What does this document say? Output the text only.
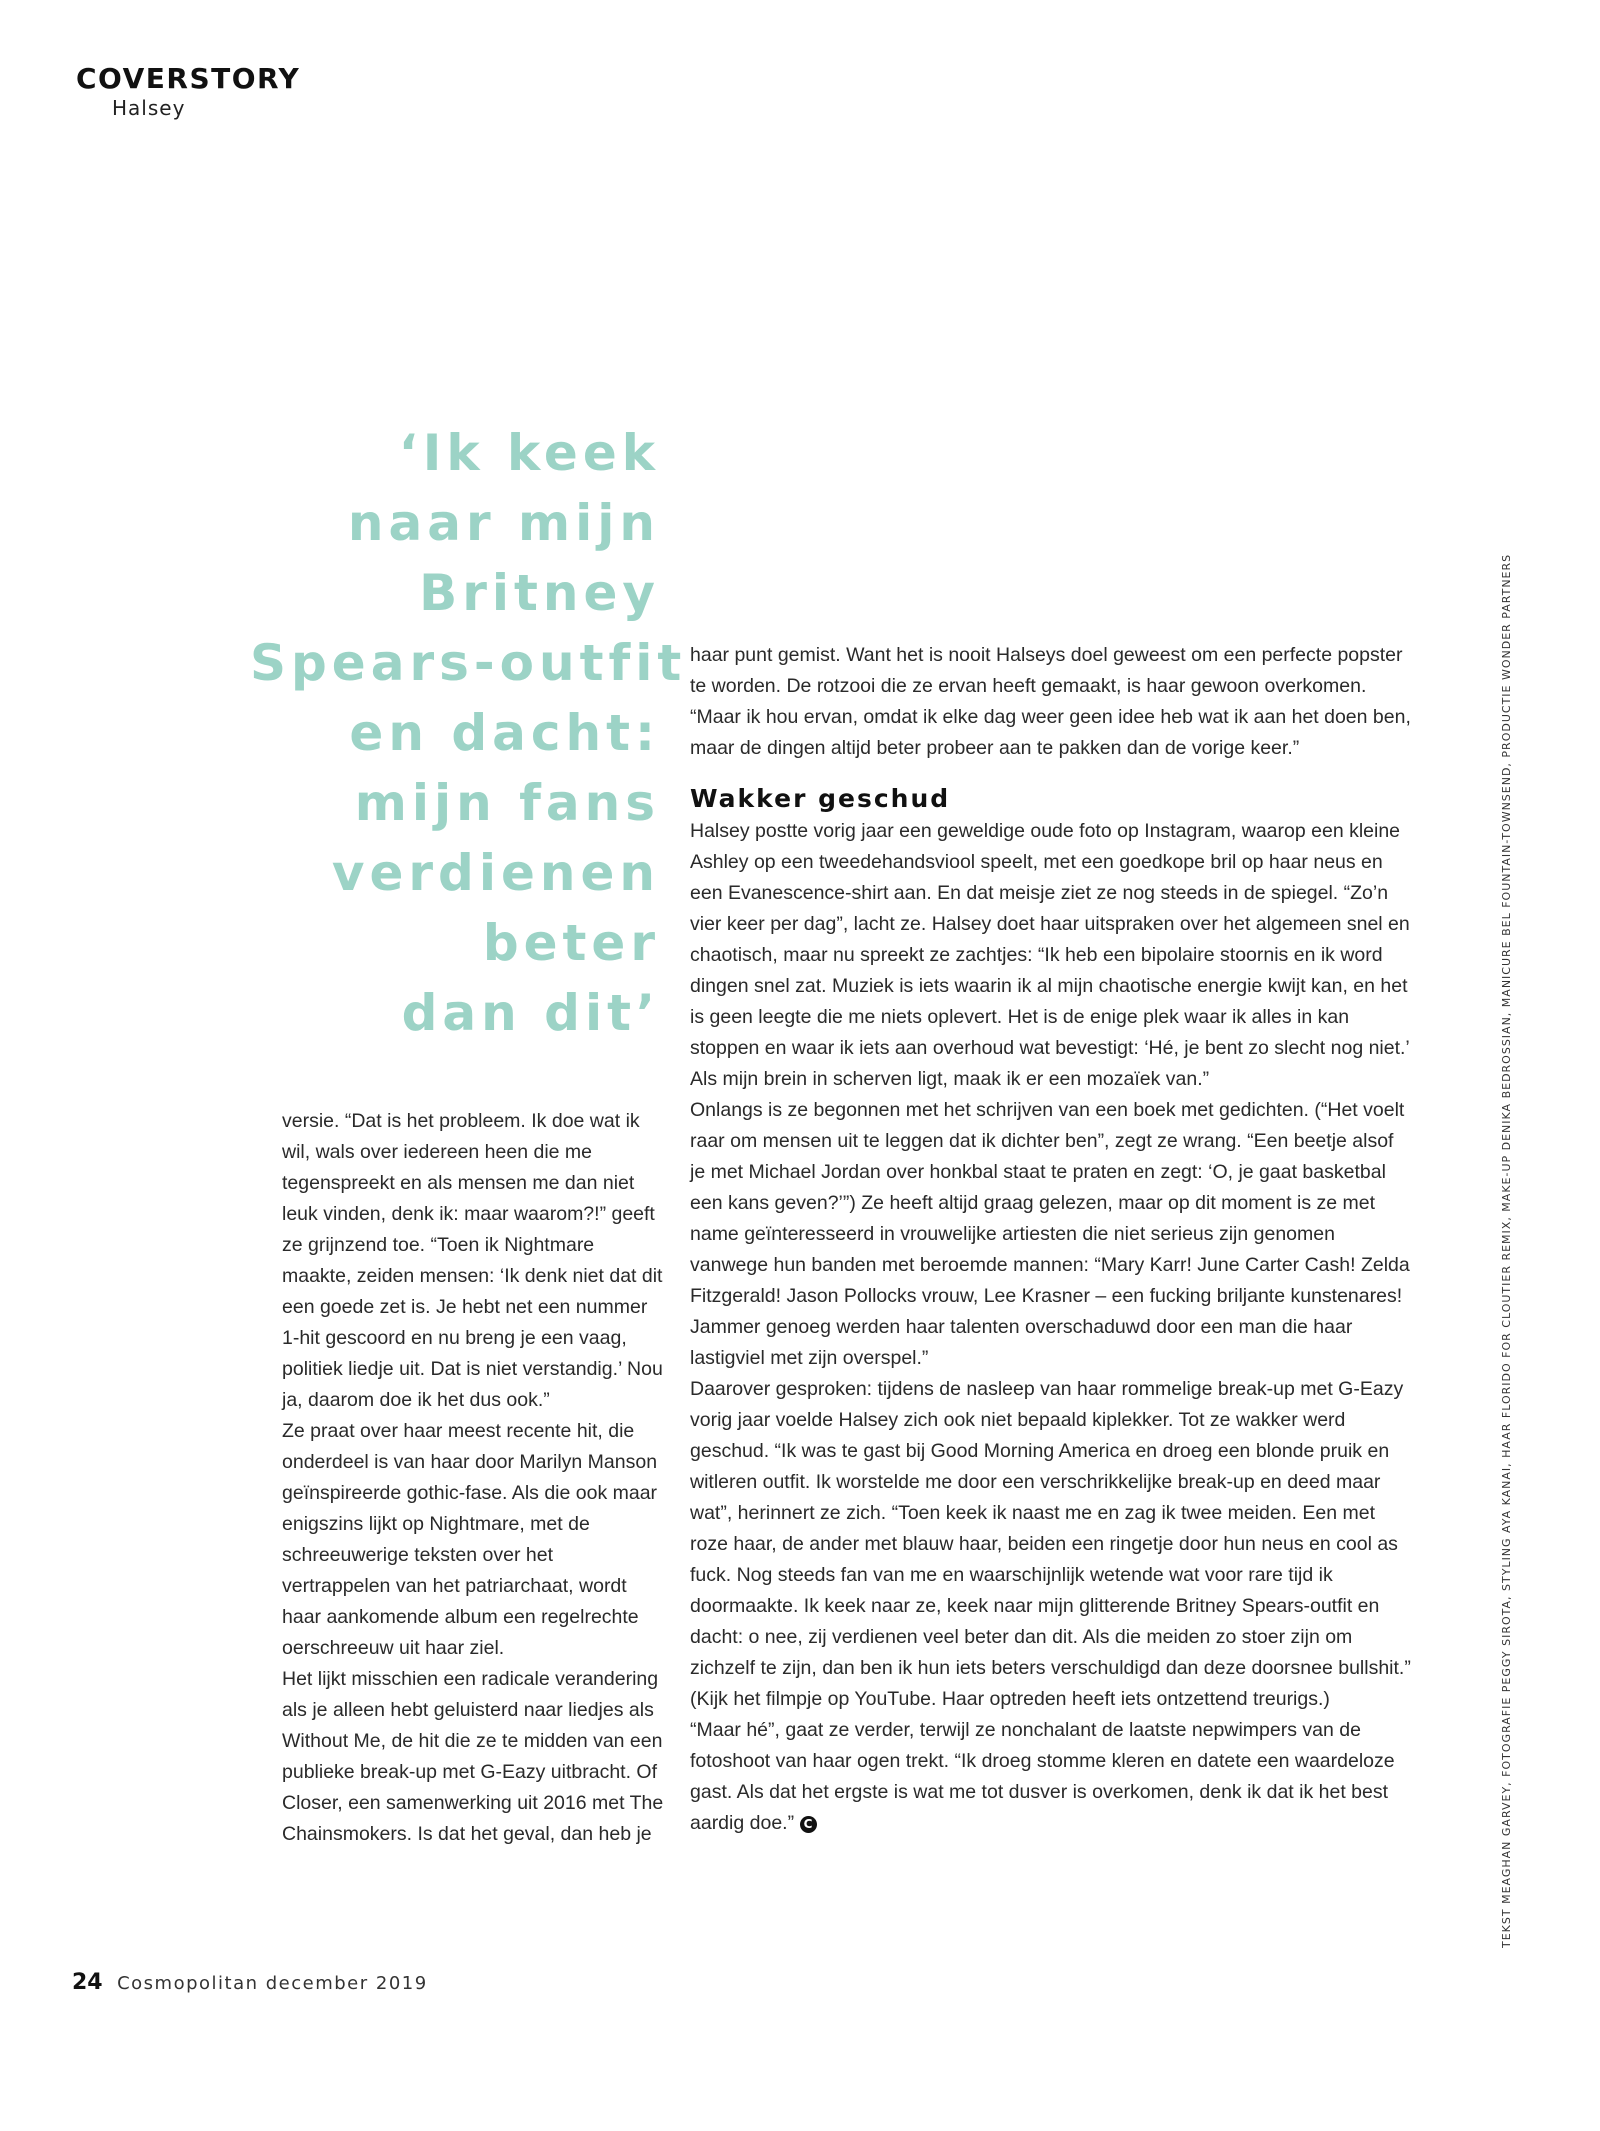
COVERSTORY
Halsey
‘Ik keek
naar mijn
Britney
Spears-outfit
en dacht:
mijn fans
verdienen
beter
dan dit’

versie. “Dat is het probleem. Ik doe wat ik wil, wals over iedereen heen die me tegenspreekt en als mensen me dan niet leuk vinden, denk ik: maar waarom?!” geeft ze grijnzend toe. “Toen ik Nightmare maakte, zeiden mensen: ‘Ik denk niet dat dit een goede zet is. Je hebt net een nummer 1-hit gescoord en nu breng je een vaag, politiek liedje uit. Dat is niet verstandig.’ Nou ja, daarom doe ik het dus ook.”

Ze praat over haar meest recente hit, die onderdeel is van haar door Marilyn Manson geïnspireerde gothic-fase. Als die ook maar enigszins lijkt op Nightmare, met de schreeuwerige teksten over het vertrappelen van het patriarchaat, wordt haar aankomende album een regelrechte oerschreeuw uit haar ziel.

Het lijkt misschien een radicale verandering als je alleen hebt geluisterd naar liedjes als Without Me, de hit die ze te midden van een publieke break-up met G-Eazy uitbracht. Of Closer, een samenwerking uit 2016 met The Chainsmokers. Is dat het geval, dan heb je

haar punt gemist. Want het is nooit Halseys doel geweest om een perfecte popster te worden. De rotzooi die ze ervan heeft gemaakt, is haar gewoon overkomen. “Maar ik hou ervan, omdat ik elke dag weer geen idee heb wat ik aan het doen ben, maar de dingen altijd beter probeer aan te pakken dan de vorige keer.”

Wakker geschud

Halsey postte vorig jaar een geweldige oude foto op Instagram, waarop een kleine Ashley op een tweedehandsviool speelt, met een goedkope bril op haar neus en een Evanescence-shirt aan. En dat meisje ziet ze nog steeds in de spiegel. “Zo’n vier keer per dag”, lacht ze. Halsey doet haar uitspraken over het algemeen snel en chaotisch, maar nu spreekt ze zachtjes: “Ik heb een bipolaire stoornis en ik word dingen snel zat. Muziek is iets waarin ik al mijn chaotische energie kwijt kan, en het is geen leegte die me niets oplevert. Het is de enige plek waar ik alles in kan stoppen en waar ik iets aan overhoud wat bevestigt: ‘Hé, je bent zo slecht nog niet.’ Als mijn brein in scherven ligt, maak ik er een mozaïek van.”

Onlangs is ze begonnen met het schrijven van een boek met gedichten. (“Het voelt raar om mensen uit te leggen dat ik dichter ben”, zegt ze wrang. “Een beetje alsof je met Michael Jordan over honkbal staat te praten en zegt: ‘O, je gaat basketbal een kans geven?’”) Ze heeft altijd graag gelezen, maar op dit moment is ze met name geïnteresseerd in vrouwelijke artiesten die niet serieus zijn genomen vanwege hun banden met beroemde mannen: “Mary Karr! June Carter Cash! Zelda Fitzgerald! Jason Pollocks vrouw, Lee Krasner – een fucking briljante kunstenares! Jammer genoeg werden haar talenten overschaduwd door een man die haar lastigviel met zijn overspel.”

Daarover gesproken: tijdens de nasleep van haar rommelige break-up met G-Eazy vorig jaar voelde Halsey zich ook niet bepaald kiplekker. Tot ze wakker werd geschud. “Ik was te gast bij Good Morning America en droeg een blonde pruik en witleren outfit. Ik worstelde me door een verschrikkelijke break-up en deed maar wat”, herinnert ze zich. “Toen keek ik naast me en zag ik twee meiden. Een met roze haar, de ander met blauw haar, beiden een ringetje door hun neus en cool as fuck. Nog steeds fan van me en waarschijnlijk wetende wat voor rare tijd ik doormaakte. Ik keek naar ze, keek naar mijn glitterende Britney Spears-outfit en dacht: o nee, zij verdienen veel beter dan dit. Als die meiden zo stoer zijn om zichzelf te zijn, dan ben ik hun iets beters verschuldigd dan deze doorsnee bullshit.” (Kijk het filmpje op YouTube. Haar optreden heeft iets ontzettend treurigs.)

“Maar hé”, gaat ze verder, terwijl ze nonchalant de laatste nepwimpers van de fotoshoot van haar ogen trekt. “Ik droeg stomme kleren en datete een waardeloze gast. Als dat het ergste is wat me tot dusver is overkomen, denk ik dat ik het best aardig doe.” C	TEKST MEAGHAN GARVEY, FOTOGRAFIE PEGGY SIROTA, STYLING AYA KANAI, HAAR FLORIDO FOR CLOUTIER REMIX, MAKE-UP DENIKA BEDROSSIAN, MANICURE BEL FOUNTAIN-TOWNSEND, PRODUCTIE WONDER PARTNERS
24 Cosmopolitan december 2019
